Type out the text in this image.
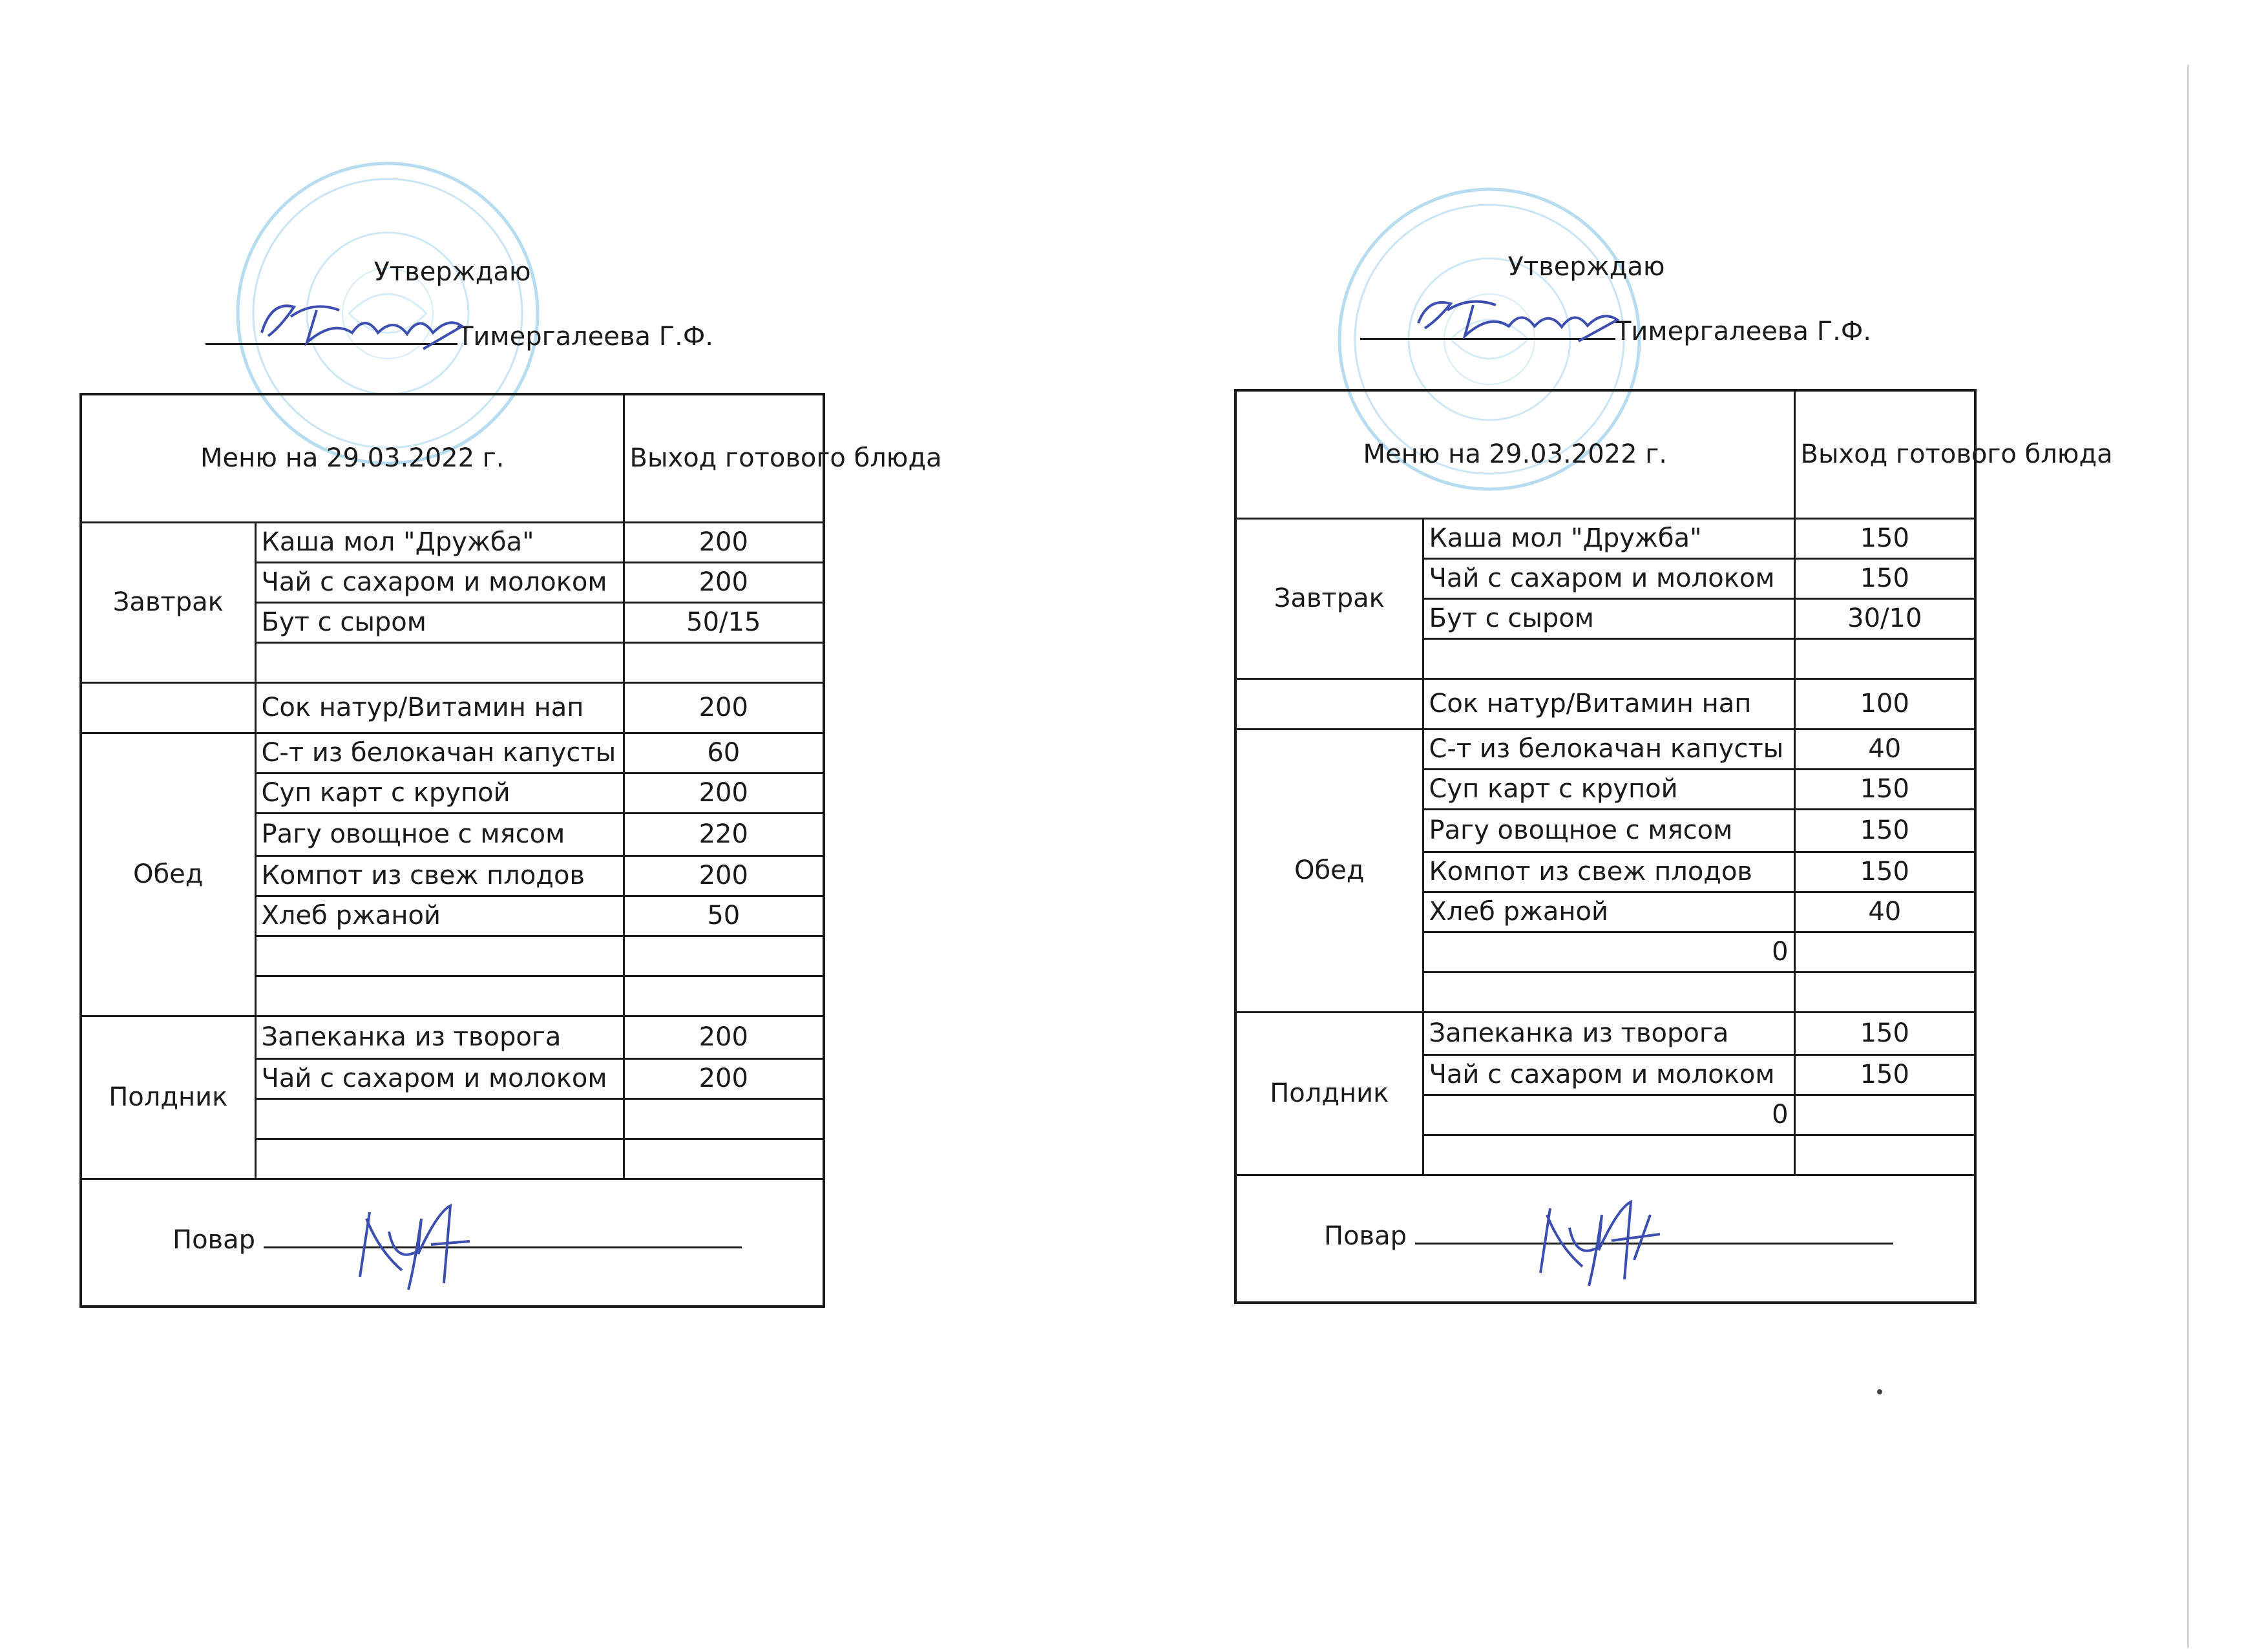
Утверждаю
Тимергалеева Г.Ф.
Меню на 29.03.2022 г.		Выход готового блюда
Завтрак	Каша мол "Дружба"	200
	Чай с сахаром и молоком	200
	Бут с сыром	50/15

	Сок натур/Витамин нап	200
Обед	С-т из белокачан капусты	60
	Суп карт с крупой	200
	Рагу овощное с мясом	220
	Компот из свеж плодов	200
	Хлеб ржаной	50

Полдник	Запеканка из творога	200
	Чай с сахаром и молоком	200

Повар		
Утверждаю
Тимергалеева Г.Ф.
Меню на 29.03.2022 г.		Выход готового блюда
Завтрак	Каша мол "Дружба"	150
	Чай с сахаром и молоком	150
	Бут с сыром	30/10

	Сок натур/Витамин нап	100
Обед	С-т из белокачан капусты	40
	Суп карт с крупой	150
	Рагу овощное с мясом	150
	Компот из свеж плодов	150
	Хлеб ржаной	40
	0	

Полдник	Запеканка из творога	150
	Чай с сахаром и молоком	150
	0	

Повар		
